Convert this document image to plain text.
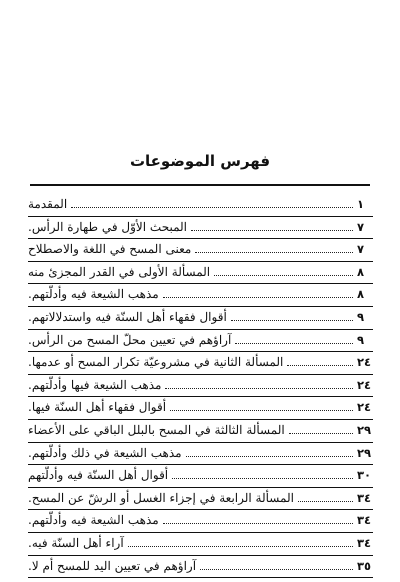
فهرس الموضوعات
المقدمة	١
المبحث الأوّل في طهارة الرأس.	٧
معنى المسح في اللغة والاصطلاح	٧
المسألة الأولى في القدر المجزئ منه	٨
مذهب الشيعة فيه وأدلّتهم.	٨
أقوال فقهاء أهل السنّة فيه واستدلالاتهم.	٩
آراؤهم في تعيين محلّ المسح من الرأس.	٩
المسألة الثانية في مشروعيّة تكرار المسح أو عدمها.	٢٤
مذهب الشيعة فيها وأدلّتهم.	٢٤
أقوال فقهاء أهل السنّة فيها.	٢٤
المسألة الثالثة في المسح بالبلل الباقي على الأعضاء	٢٩
مذهب الشيعة في ذلك وأدلّتهم.	٢٩
أقوال أهل السنّة فيه وأدلّتهم	٣٠
المسألة الرابعة في إجزاء الغسل أو الرشّ عن المسح.	٣٤
مذهب الشيعة فيه وأدلّتهم.	٣٤
آراء أهل السنّة فيه.	٣٤
آراؤهم في تعيين اليد للمسح أم لا.	٣٥
